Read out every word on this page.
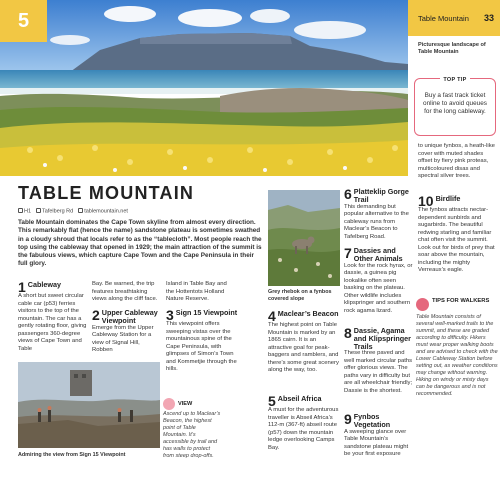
5	Table Mountain 33
Picturesque landscape of Table Mountain
TOP TIP
Buy a fast track ticket online to avoid queues for the long cableway.
to unique fynbos, a heath-like cover with muted shades offset by fiery pink proteas, multicoloured disas and spectral silver trees.
TABLE MOUNTAIN
H1	Tafelberg Rd	tablemountain.net
Table Mountain dominates the Cape Town skyline from almost every direction. This remarkably flat (hence the name) sandstone plateau is sometimes swathed in a cloudy shroud that locals refer to as the “tablecloth”. Most people reach the top using the cableway that opened in 1929; the main attraction of the summit is the fabulous views, which capture Cape Town and the Cape Peninsula in their full glory.
Grey rhebok on a fynbos covered slope
6 Platteklip Gorge Trail
This demanding but popular alternative to the cableway runs from Maclear’s Beacon to Tafelberg Road.
7 Dassies and Other Animals
Look for the rock hyrax, or dassie, a guinea pig lookalike often seen basking on the plateau. Other wildlife includes klipspringer and southern rock agama lizard.
8 Dassie, Agama and Klipspringer Trails
These three paved and well marked circular paths offer glorious views. The paths vary in difficulty but are all wheelchair friendly; Dassie is the shortest.
9 Fynbos Vegetation
A sweeping glance over Table Mountain’s sandstone plateau might be your first exposure
10 Birdlife
The fynbos attracts nectar-dependent sunbirds and sugarbirds. The beautiful redwing starling and familiar chat often visit the summit. Look out for birds of prey that soar above the mountain, including the mighty Verreaux’s eagle.
1 Cableway
A short but sweet circular cable car (p53) ferries visitors to the top of the mountain. The car has a gently rotating floor, giving passengers 360-degree views of Cape Town and Table
Bay. Be warned, the trip features breathtaking views along the cliff face.
2 Upper Cableway Viewpoint
Emerge from the Upper Cableway Station for a view of Signal Hill, Robben
Island in Table Bay and the Hottentots Holland Nature Reserve.
3 Sign 15 Viewpoint
This viewpoint offers sweeping vistas over the mountainous spine of the Cape Peninsula, with glimpses of Simon’s Town and Kommetjie through the hills.
4 Maclear’s Beacon
The highest point on Table Mountain is marked by an 1865 cairn. It is an attractive goal for peak-baggers and ramblers, and there’s some great scenery along the way, too.
5 Abseil Africa
A must for the adventurous traveller is Abseil Africa’s 112-m (367-ft) abseil route (p57) down the mountain ledge overlooking Camps Bay.
Admiring the view from Sign 15 Viewpoint
VIEW
Ascend up to Maclear’s Beacon, the highest point of Table Mountain. It’s accessible by trail and has walls to protect from steep drop-offs.
TIPS FOR WALKERS
Table Mountain consists of several well-marked trails to the summit, and these are graded according to difficulty. Hikers must wear proper walking boots and are advised to check with the Lower Cableway Station before setting out, as weather conditions may change without warning. Hiking on windy or misty days can be dangerous and is not recommended.
